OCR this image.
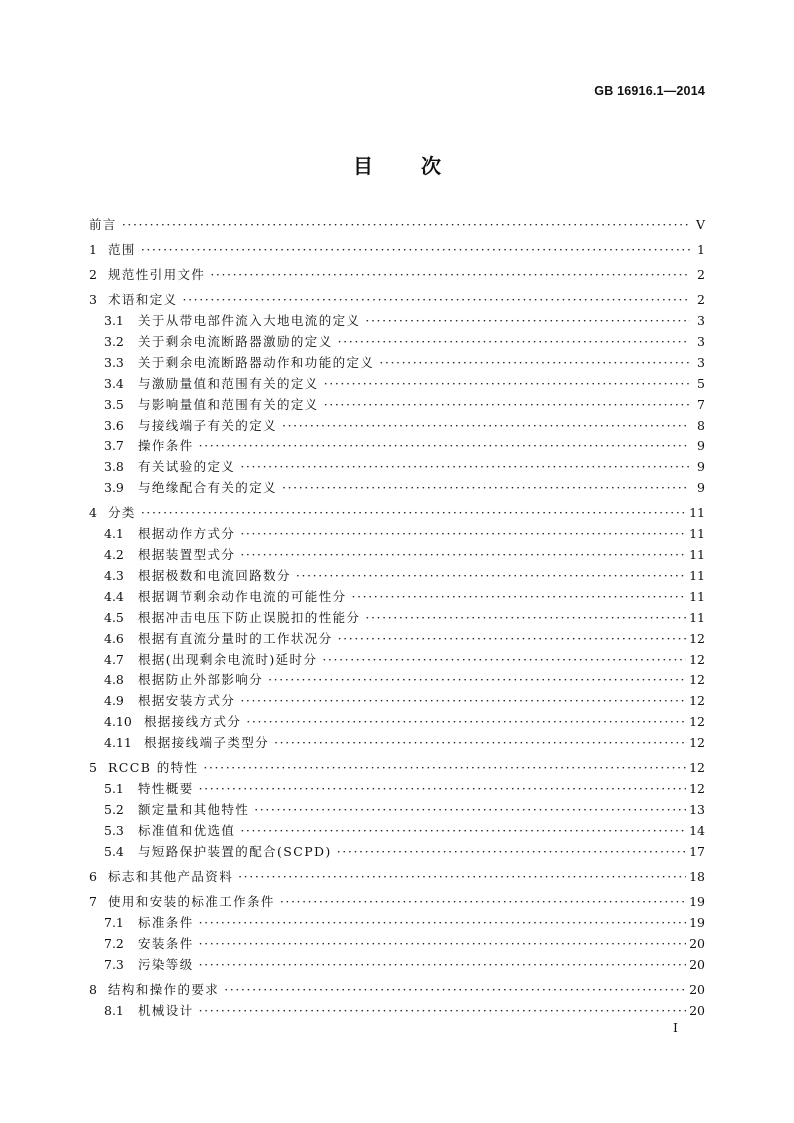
GB 16916.1—2014
目 次
前言 ·····	V
1 范围 ·····	1
2 规范性引用文件 ·····	2
3 术语和定义 ·····	2
3.1	关于从带电部件流入大地电流的定义 ·····	3
3.2	关于剩余电流断路器激励的定义 ·····	3
3.3	关于剩余电流断路器动作和功能的定义 ·····	3
3.4	与激励量值和范围有关的定义 ·····	5
3.5	与影响量值和范围有关的定义 ·····	7
3.6	与接线端子有关的定义 ·····	8
3.7	操作条件 ·····	9
3.8	有关试验的定义 ·····	9
3.9	与绝缘配合有关的定义 ·····	9
4 分类 ·····	11
4.1	根据动作方式分 ·····	11
4.2	根据装置型式分 ·····	11
4.3	根据极数和电流回路数分 ·····	11
4.4	根据调节剩余动作电流的可能性分 ·····	11
4.5	根据冲击电压下防止误脱扣的性能分 ·····	11
4.6	根据有直流分量时的工作状况分 ·····	12
4.7	根据(出现剩余电流时)延时分 ·····	12
4.8	根据防止外部影响分 ·····	12
4.9	根据安装方式分 ·····	12
4.10 根据接线方式分 ·····	12
4.11 根据接线端子类型分 ·····	12
5 RCCB 的特性 ·····	12
5.1	特性概要 ·····	12
5.2	额定量和其他特性 ·····	13
5.3	标准值和优选值 ·····	14
5.4	与短路保护装置的配合(SCPD) ·····	17
6 标志和其他产品资料 ·····	18
7 使用和安装的标准工作条件 ·····	19
7.1	标准条件 ·····	19
7.2	安装条件 ·····	20
7.3	污染等级 ·····	20
8 结构和操作的要求 ·····	20
8.1	机械设计 ·····	20
I
